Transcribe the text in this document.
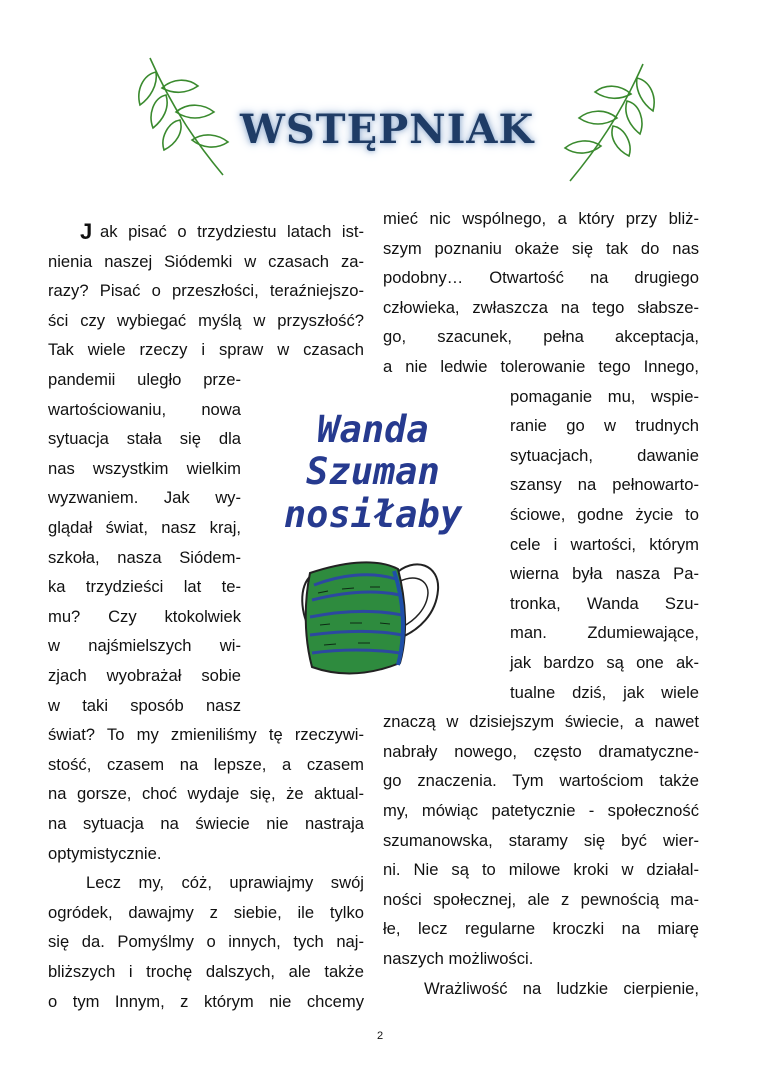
WSTĘPNIAK
J ak pisać o trzydziestu latach ist-
nienia naszej Siódemki w czasach za-
razy? Pisać o przeszłości, teraźniejszo-
ści czy wybiegać myślą w przyszłość?
Tak wiele rzeczy i spraw w czasach
pandemii uległo prze-
wartościowaniu, nowa
sytuacja stała się dla
nas wszystkim wielkim
wyzwaniem. Jak wy-
glądał świat, nasz kraj,
szkoła, nasza Siódem-
ka trzydzieści lat te-
mu? Czy ktokolwiek
w najśmielszych wi-
zjach wyobrażał sobie
w taki sposób nasz
świat? To my zmieniliśmy tę rzeczywi-
stość, czasem na lepsze, a czasem
na gorsze, choć wydaje się, że aktual-
na sytuacja na świecie nie nastraja
optymistycznie.
Lecz my, cóż, uprawiajmy swój
ogródek, dawajmy z siebie, ile tylko
się da. Pomyślmy o innych, tych naj-
bliższych i trochę dalszych, ale także
o tym Innym, z którym nie chcemy
mieć nic wspólnego, a który przy bliż-
szym poznaniu okaże się tak do nas
podobny… Otwartość na drugiego
człowieka, zwłaszcza na tego słabsze-
go, szacunek, pełna akceptacja,
a nie ledwie tolerowanie tego Innego,
pomaganie mu, wspie-
ranie go w trudnych
sytuacjach, dawanie
szansy na pełnowarto-
ściowe, godne życie to
cele i wartości, którym
wierna była nasza Pa-
tronka, Wanda Szu-
man. Zdumiewające,
jak bardzo są one ak-
tualne dziś, jak wiele
znaczą w dzisiejszym świecie, a nawet
nabrały nowego, często dramatyczne-
go znaczenia. Tym wartościom także
my, mówiąc patetycznie - społeczność
szumanowska, staramy się być wier-
ni. Nie są to milowe kroki w działal-
ności społecznej, ale z pewnością ma-
łe, lecz regularne kroczki na miarę
naszych możliwości.
Wrażliwość na ludzkie cierpienie,
Wanda
Szuman
nosiłaby
2
